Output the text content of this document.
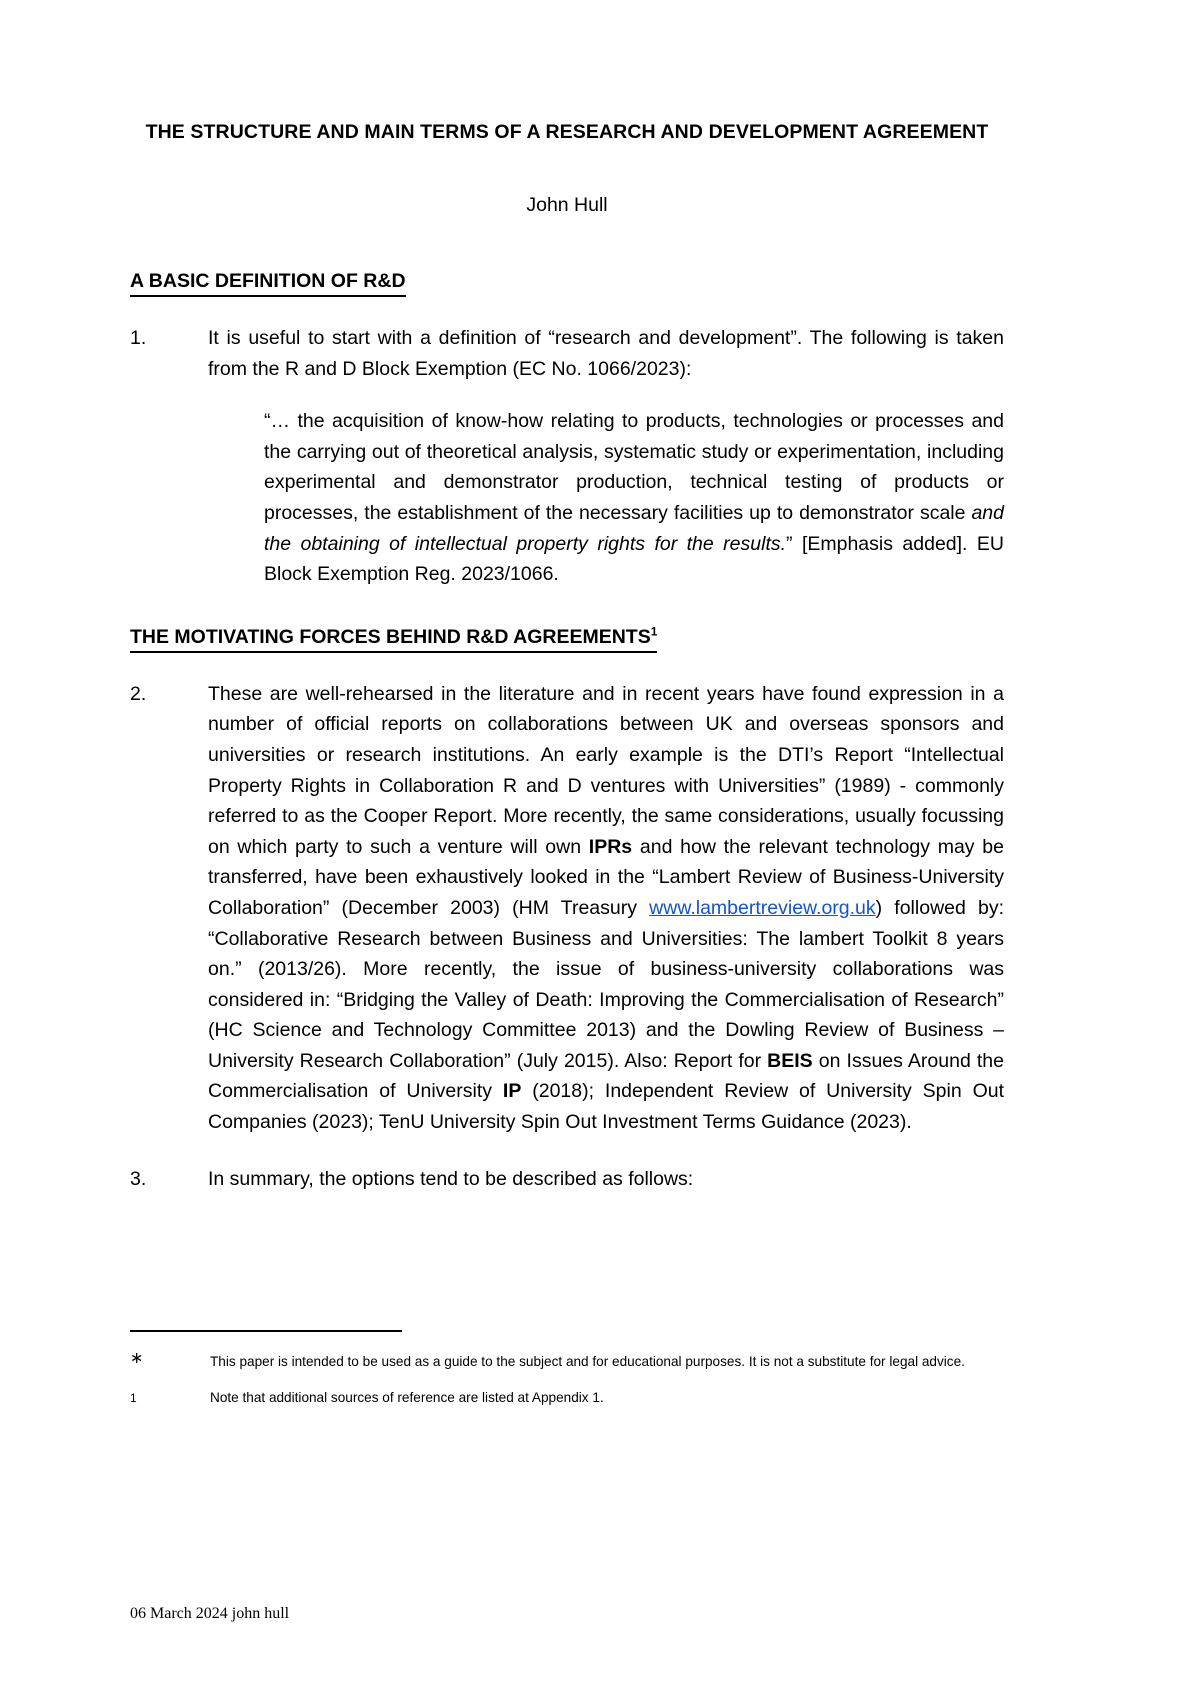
THE STRUCTURE AND MAIN TERMS OF A RESEARCH AND DEVELOPMENT AGREEMENT
John Hull
A BASIC DEFINITION OF R&D
1.	It is useful to start with a definition of “research and development”. The following is taken from the R and D Block Exemption (EC No. 1066/2023):
“… the acquisition of know-how relating to products, technologies or processes and the carrying out of theoretical analysis, systematic study or experimentation, including experimental and demonstrator production, technical testing of products or processes, the establishment of the necessary facilities up to demonstrator scale and the obtaining of intellectual property rights for the results.” [Emphasis added]. EU Block Exemption Reg. 2023/1066.
THE MOTIVATING FORCES BEHIND R&D AGREEMENTS$^1$
2.	These are well-rehearsed in the literature and in recent years have found expression in a number of official reports on collaborations between UK and overseas sponsors and universities or research institutions. An early example is the DTI’s Report “Intellectual Property Rights in Collaboration R and D ventures with Universities” (1989) - commonly referred to as the Cooper Report. More recently, the same considerations, usually focussing on which party to such a venture will own IPRs and how the relevant technology may be transferred, have been exhaustively looked in the “Lambert Review of Business-University Collaboration” (December 2003) (HM Treasury www.lambertreview.org.uk) followed by: “Collaborative Research between Business and Universities: The lambert Toolkit 8 years on.” (2013/26). More recently, the issue of business-university collaborations was considered in: “Bridging the Valley of Death: Improving the Commercialisation of Research” (HC Science and Technology Committee 2013) and the Dowling Review of Business – University Research Collaboration” (July 2015). Also: Report for BEIS on Issues Around the Commercialisation of University IP (2018); Independent Review of University Spin Out Companies (2023); TenU University Spin Out Investment Terms Guidance (2023).
3.	In summary, the options tend to be described as follows:
∗	This paper is intended to be used as a guide to the subject and for educational purposes. It is not a substitute for legal advice.
1	Note that additional sources of reference are listed at Appendix 1.
06 March 2024 john hull
